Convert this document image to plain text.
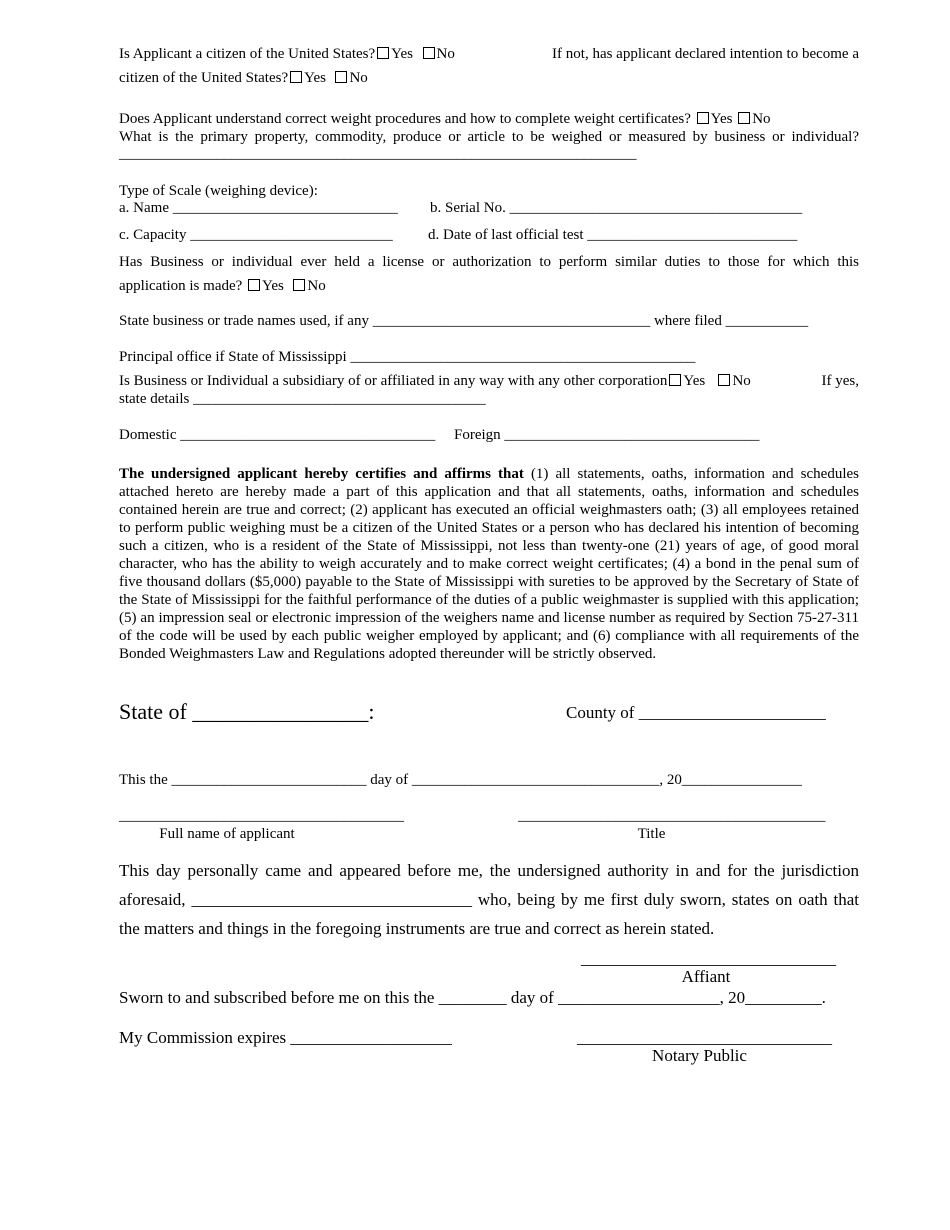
Is Applicant a citizen of the United States? Yes No	If not, has applicant declared intention to become a
citizen of the United States? Yes No
Does Applicant understand correct weight procedures and how to complete weight certificates? Yes No
What is the primary property, commodity, produce or article to be weighed or measured by business or individual?
_____________________________________________________________________
Type of Scale (weighing device):
a. Name ______________________________ b. Serial No. _______________________________________
c. Capacity ___________________________ d. Date of last official test ____________________________
Has Business or individual ever held a license or authorization to perform similar duties to those for which this
application is made? Yes No
State business or trade names used, if any _____________________________________ where filed ___________
Principal office if State of Mississippi ______________________________________________
Is Business or Individual a subsidiary of or affiliated in any way with any other corporation Yes No	If yes,
state details _______________________________________
Domestic __________________________________ Foreign __________________________________
The undersigned applicant hereby certifies and affirms that (1) all statements, oaths, information and schedules attached hereto are hereby made a part of this application and that all statements, oaths, information and schedules contained herein are true and correct; (2) applicant has executed an official weighmasters oath; (3) all employees retained to perform public weighing must be a citizen of the United States or a person who has declared his intention of becoming such a citizen, who is a resident of the State of Mississippi, not less than twenty-one (21) years of age, of good moral character, who has the ability to weigh accurately and to make correct weight certificates; (4) a bond in the penal sum of five thousand dollars ($5,000) payable to the State of Mississippi with sureties to be approved by the Secretary of State of the State of Mississippi for the faithful performance of the duties of a public weighmaster is supplied with this application; (5) an impression seal or electronic impression of the weighers name and license number as required by Section 75-27-311 of the code will be used by each public weigher employed by applicant; and (6) compliance with all requirements of the Bonded Weighmasters Law and Regulations adopted thereunder will be strictly observed.
State of ________________:	County of ______________________
This the __________________________ day of _________________________________, 20________________
______________________________________	_________________________________________
Full name of applicant	Title
This day personally came and appeared before me, the undersigned authority in and for the jurisdiction
aforesaid, _________________________________ who, being by me first duly sworn, states on oath that
the matters and things in the foregoing instruments are true and correct as herein stated.
______________________________
Affiant
Sworn to and subscribed before me on this the ________ day of ___________________, 20_________.
My Commission expires ___________________	______________________________
Notary Public
